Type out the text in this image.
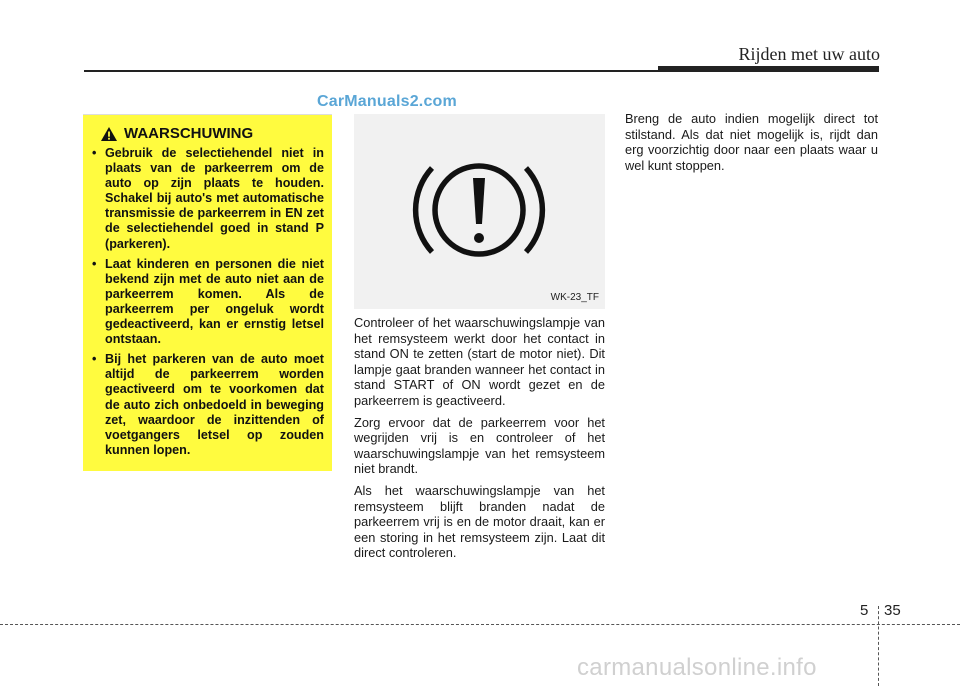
Rijden met uw auto
CarManuals2.com
WAARSCHUWING
• Gebruik de selectiehendel niet in plaats van de parkeerrem om de auto op zijn plaats te houden. Schakel bij auto's met automatische transmissie de parkeerrem in EN zet de selectiehendel goed in stand P (parkeren).
• Laat kinderen en personen die niet bekend zijn met de auto niet aan de parkeerrem komen. Als de parkeerrem per ongeluk wordt gedeactiveerd, kan er ernstig letsel ontstaan.
• Bij het parkeren van de auto moet altijd de parkeerrem worden geactiveerd om te voorkomen dat de auto zich onbedoeld in beweging zet, waardoor de inzittenden of voetgangers letsel op zouden kunnen lopen.
WK-23_TF

Controleer of het waarschuwingslampje van het remsysteem werkt door het contact in stand ON te zetten (start de motor niet). Dit lampje gaat branden wanneer het contact in stand START of ON wordt gezet en de parkeerrem is geactiveerd.

Zorg ervoor dat de parkeerrem voor het wegrijden vrij is en controleer of het waarschuwingslampje van het remsysteem niet brandt.

Als het waarschuwingslampje van het remsysteem blijft branden nadat de parkeerrem vrij is en de motor draait, kan er een storing in het remsysteem zijn. Laat dit direct controleren.

Breng de auto indien mogelijk direct tot stilstand. Als dat niet mogelijk is, rijdt dan erg voorzichtig door naar een plaats waar u wel kunt stoppen.

5 35
carmanualsonline.info
